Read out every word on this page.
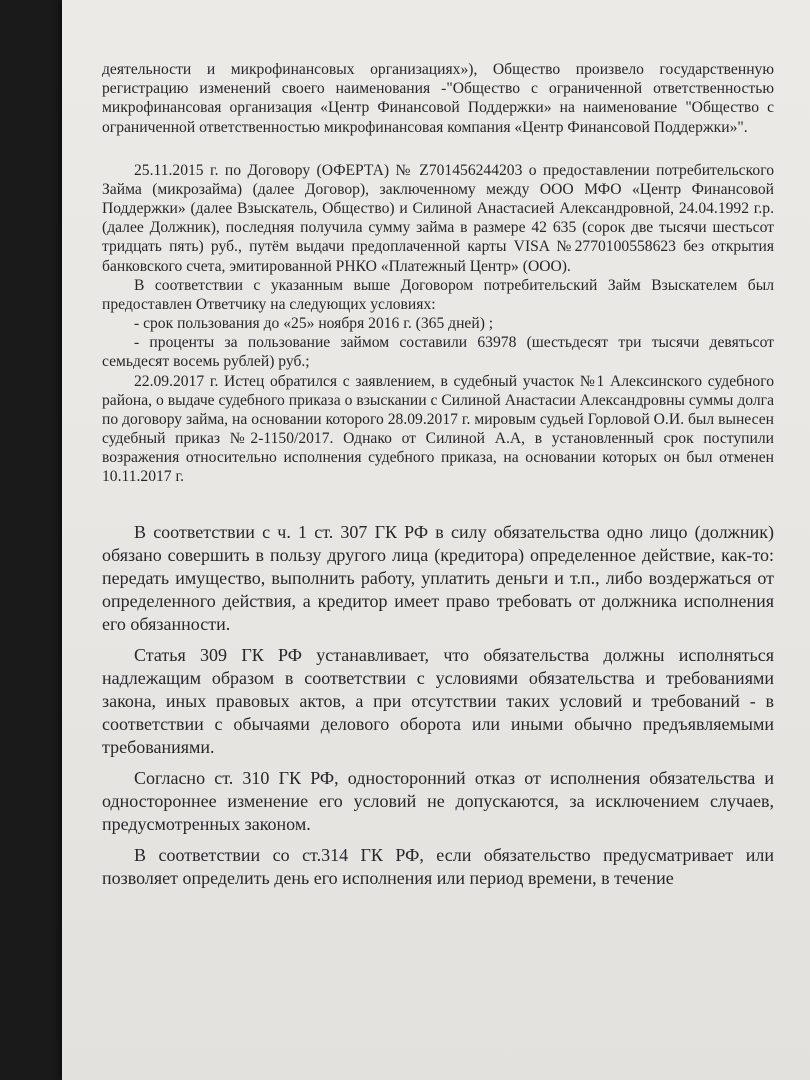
деятельности и микрофинансовых организациях»), Общество произвело государственную регистрацию изменений своего наименования -"Общество с ограниченной ответственностью микрофинансовая организация «Центр Финансовой Поддержки» на наименование "Общество с ограниченной ответственностью микрофинансовая компания «Центр Финансовой Поддержки»".

25.11.2015 г. по Договору (ОФЕРТА) № Z701456244203 о предоставлении потребительского Займа (микрозайма) (далее Договор), заключенному между ООО МФО «Центр Финансовой Поддержки» (далее Взыскатель, Общество) и Силиной Анастасией Александровной, 24.04.1992 г.р. (далее Должник), последняя получила сумму займа в размере 42 635 (сорок две тысячи шестьсот тридцать пять) руб., путём выдачи предоплаченной карты VISA №2770100558623 без открытия банковского счета, эмитированной РНКО «Платежный Центр» (ООО).

В соответствии с указанным выше Договором потребительский Займ Взыскателем был предоставлен Ответчику на следующих условиях:

- срок пользования до «25» ноября 2016 г. (365 дней) ;

- проценты за пользование займом составили 63978 (шестьдесят три тысячи девятьсот семьдесят восемь рублей) руб.;

22.09.2017 г. Истец обратился с заявлением, в судебный участок №1 Алексинского судебного района, о выдаче судебного приказа о взыскании с Силиной Анастасии Александровны суммы долга по договору займа, на основании которого 28.09.2017 г. мировым судьей Горловой О.И. был вынесен судебный приказ №2-1150/2017. Однако от Силиной А.А, в установленный срок поступили возражения относительно исполнения судебного приказа, на основании которых он был отменен 10.11.2017 г.

В соответствии с ч. 1 ст. 307 ГК РФ в силу обязательства одно лицо (должник) обязано совершить в пользу другого лица (кредитора) определенное действие, как-то: передать имущество, выполнить работу, уплатить деньги и т.п., либо воздержаться от определенного действия, а кредитор имеет право требовать от должника исполнения его обязанности.

Статья 309 ГК РФ устанавливает, что обязательства должны исполняться надлежащим образом в соответствии с условиями обязательства и требованиями закона, иных правовых актов, а при отсутствии таких условий и требований - в соответствии с обычаями делового оборота или иными обычно предъявляемыми требованиями.

Согласно ст. 310 ГК РФ, односторонний отказ от исполнения обязательства и одностороннее изменение его условий не допускаются, за исключением случаев, предусмотренных законом.

В соответствии со ст.314 ГК РФ, если обязательство предусматривает или позволяет определить день его исполнения или период времени, в течение
